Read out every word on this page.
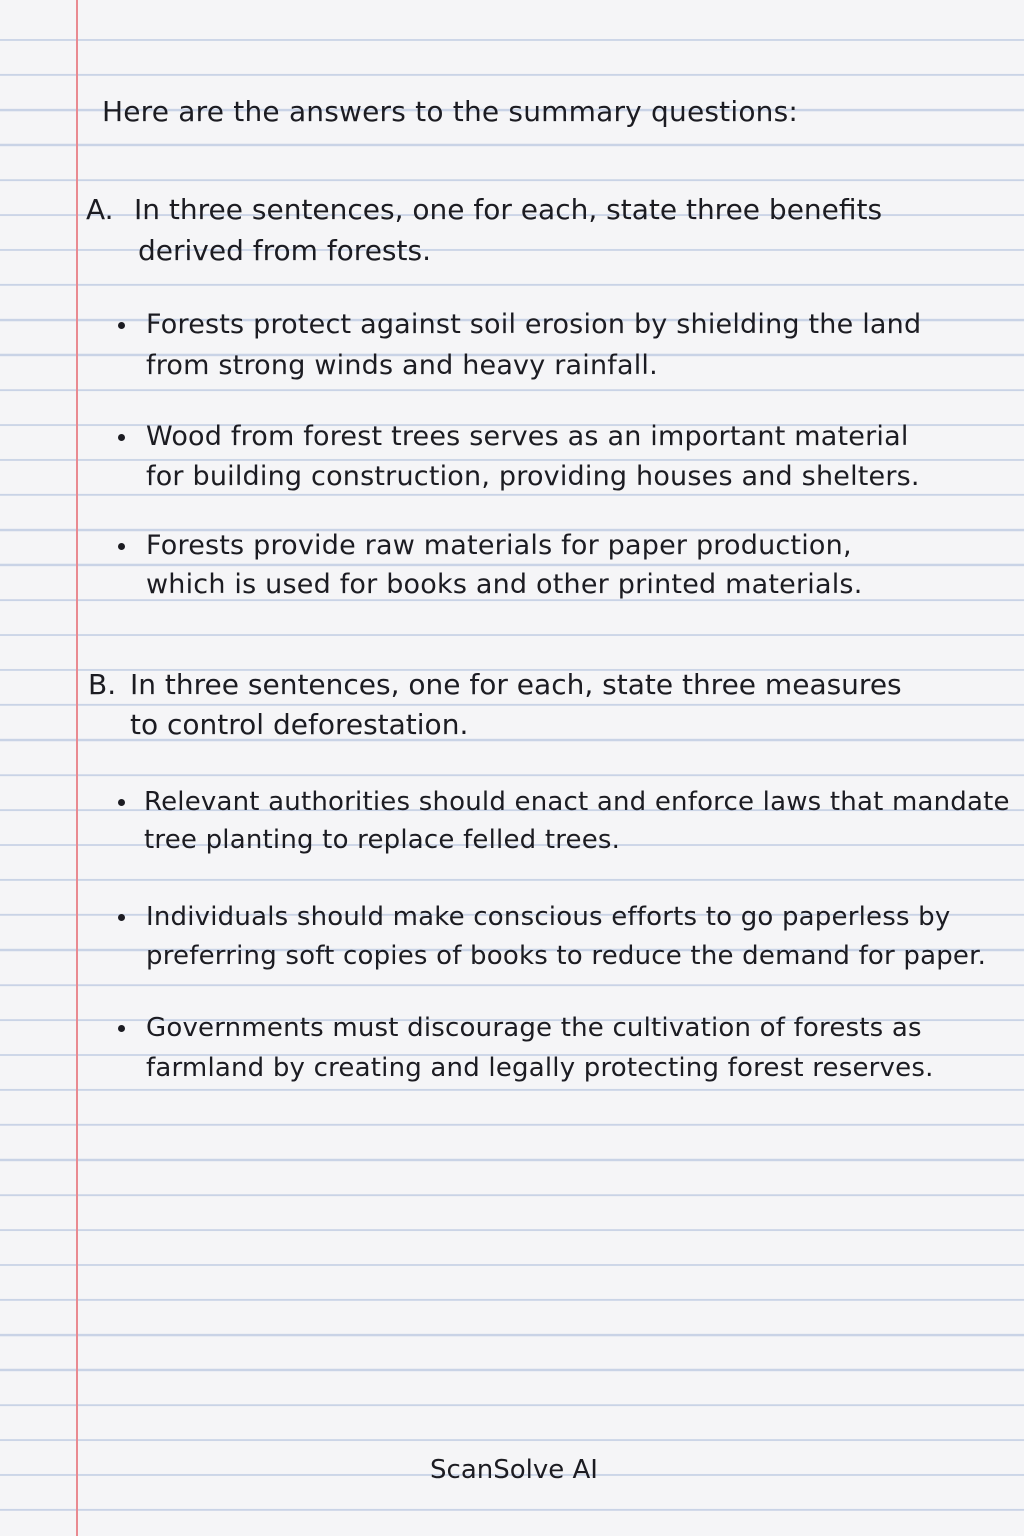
Here are the answers to the summary questions:
A. In three sentences, one for each, state three benefits
derived from forests.
Forests protect against soil erosion by shielding the land
from strong winds and heavy rainfall.
Wood from forest trees serves as an important material
for building construction, providing houses and shelters.
Forests provide raw materials for paper production,
which is used for books and other printed materials.
B. In three sentences, one for each, state three measures
to control deforestation.
Relevant authorities should enact and enforce laws that mandate
tree planting to replace felled trees.
Individuals should make conscious efforts to go paperless by
preferring soft copies of books to reduce the demand for paper.
Governments must discourage the cultivation of forests as
farmland by creating and legally protecting forest reserves.
ScanSolve AI
